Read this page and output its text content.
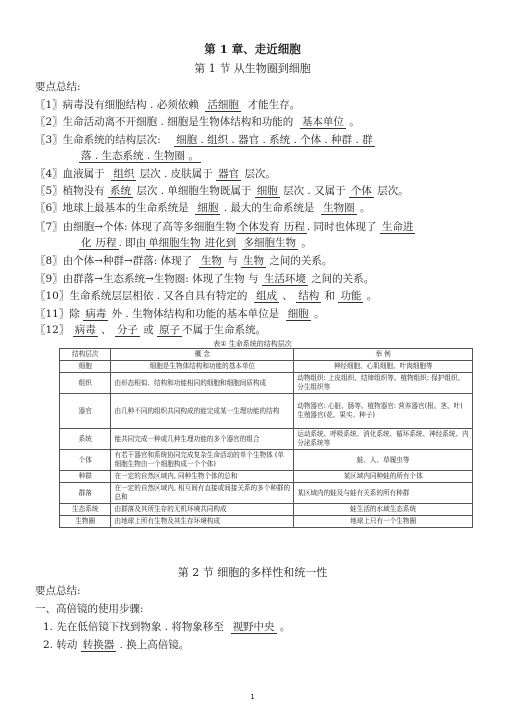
第 1 章、走近细胞
第 1 节 从生物圈到细胞
要点总结:
〖1〗病毒没有细胞结构 . 必须依赖 活细胞 才能生存。
〖2〗生命活动离不开细胞 . 细胞是生物体结构和功能的 基本单位 。
〖3〗生命系统的结构层次: 细胞 . 组织 . 器官 . 系统 . 个体 . 种群 . 群
落 . 生态系统 . 生物圈 。
〖4〗血液属于 组织 层次 . 皮肤属于 器官 层次。
〖5〗植物没有 系统 层次 . 单细胞生物既属于 细胞 层次 . 又属于 个体 层次。
〖6〗地球上最基本的生命系统是 细胞 . 最大的生命系统是 生物圈 。
〖7〗由细胞→个体: 体现了高等多细胞生物 个体发育 历程 . 同时也体现了 生命进
化 历程 . 即由 单细胞生物 进化到 多细胞生物 。
〖8〗由个体→种群→群落: 体现了 生物 与 生物 之间的关系。
〖9〗由群落→生态系统→生物圈: 体现了生物 与 生活环境 之间的关系。
〖10〗生命系统层层相依 . 又各自具有特定的 组成 、 结构 和 功能 。
〖11〗除 病毒 外 . 生物体结构和功能的基本单位是 细胞 。
〖12〗 病毒 、 分子 或 原子 不属于生命系统。
表① 生命系统的结构层次
结构层次	概 念	举 例
细胞	细胞是生物体结构和功能的基本单位	神经细胞、心肌细胞、叶肉细胞等
组织	由形态相似、结构和功能相同的细胞和细胞间质构成	动物组织: 上皮组织、结缔组织等。植物组织: 保护组织、分生组织等
器官	由几种不同的组织共同构成的能完成某一生理功能的结构	动物器官: 心脏、肠等。植物器官: 营养器官(根、茎、叶) 生殖器官(花、果实、种子)
系统	能共同完成一种或几种生理功能的多个器官的组合	运动系统、呼吸系统、消化系统、循环系统、神经系统、内分泌系统等
个体	有若干器官和系统协同完成复杂生命活动的单个生物体 (单细胞生物由一个细胞构成一个个体)	蛙、人、草履虫等
种群	在一定的自然区域内, 同种生物个体的总和	某区域内同种蛙的所有个体
群落	在一定的自然区域内, 相互间有直接或间接关系的多个种群的总和	某区域内的蛙及与蛙有关系的所有种群
生态系统	由群落及其所生存的无机环境共同构成	蛙生活的水域生态系统
生物圈	由地球上所有生物及其生存环境构成	地球上只有一个生物圈
第 2 节 细胞的多样性和统一性
要点总结:
一、高倍镜的使用步骤:
1. 先在低倍镜下找到物象 . 将物象移至 视野中央 。
2. 转动 转换器 . 换上高倍镜。
1
